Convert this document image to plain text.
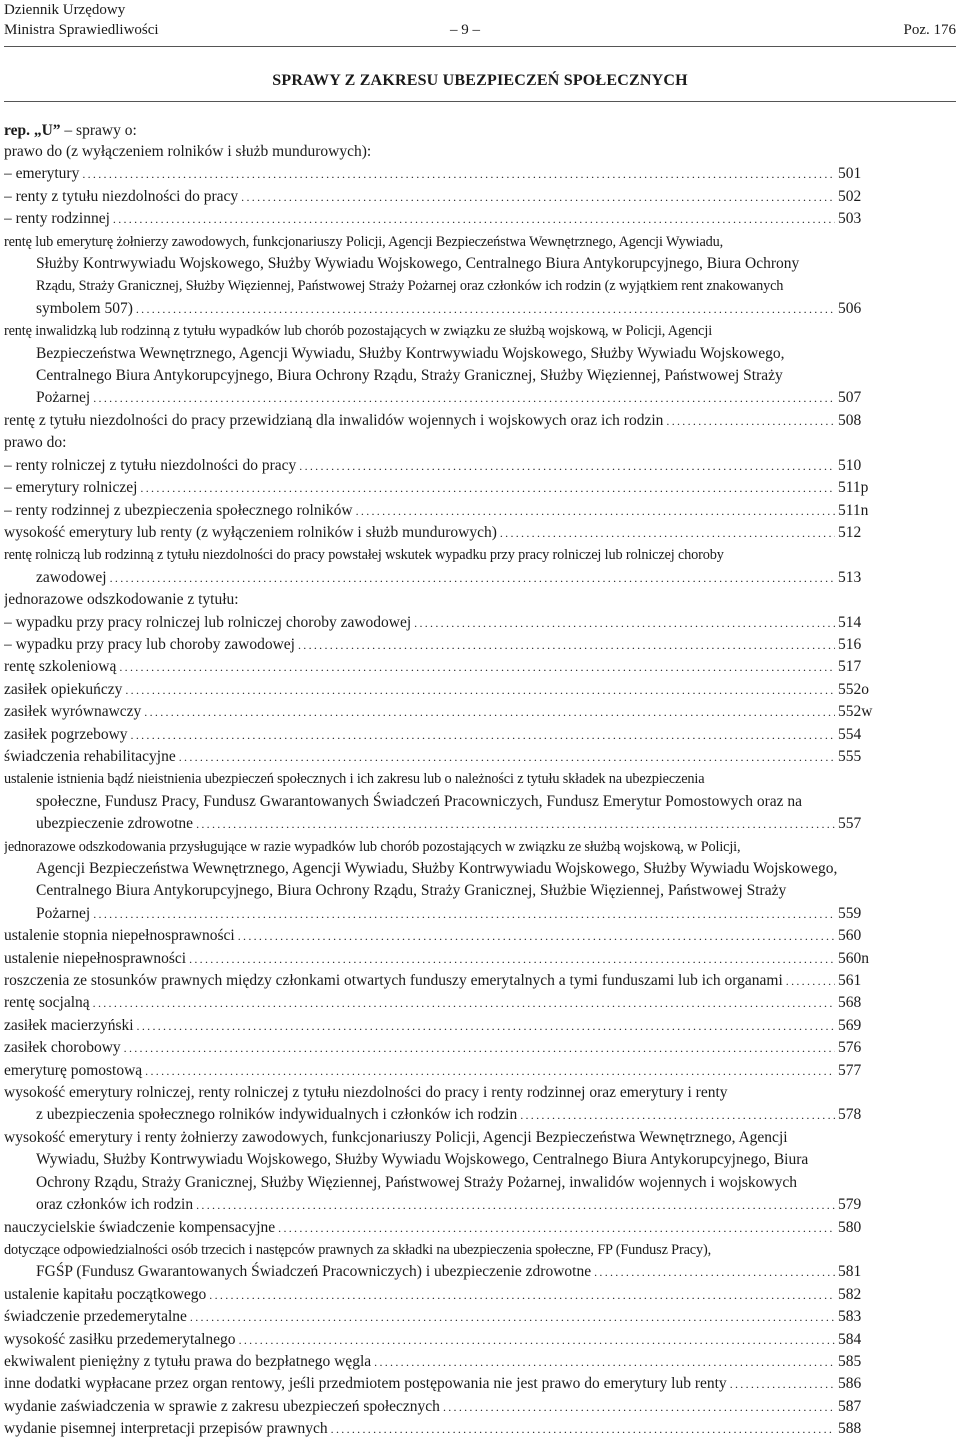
Dziennik Urzędowy
Ministra Sprawiedliwości	– 9 –	Poz. 176
SPRAWY Z ZAKRESU UBEZPIECZEŃ SPOŁECZNYCH

rep. „U” – sprawy o:

prawo do (z wyłączeniem rolników i służb mundurowych):
– emerytury .....	501
– renty z tytułu niezdolności do pracy .....	502
– renty rodzinnej .....	503
rentę lub emeryturę żołnierzy zawodowych, funkcjonariuszy Policji, Agencji Bezpieczeństwa Wewnętrznego, Agencji Wywiadu,
Służby Kontrwywiadu Wojskowego, Służby Wywiadu Wojskowego, Centralnego Biura Antykorupcyjnego, Biura Ochrony
Rządu, Straży Granicznej, Służby Więziennej, Państwowej Straży Pożarnej oraz członków ich rodzin (z wyjątkiem rent znakowanych
symbolem 507) .....	506
rentę inwalidzką lub rodzinną z tytułu wypadków lub chorób pozostających w związku ze służbą wojskową, w Policji, Agencji
Bezpieczeństwa Wewnętrznego, Agencji Wywiadu, Służby Kontrwywiadu Wojskowego, Służby Wywiadu Wojskowego,
Centralnego Biura Antykorupcyjnego, Biura Ochrony Rządu, Straży Granicznej, Służby Więziennej, Państwowej Straży
Pożarnej .....	507
rentę z tytułu niezdolności do pracy przewidzianą dla inwalidów wojennych i wojskowych oraz ich rodzin .....	508
prawo do:
– renty rolniczej z tytułu niezdolności do pracy .....	510
– emerytury rolniczej .....	511p
– renty rodzinnej z ubezpieczenia społecznego rolników .....	511n
wysokość emerytury lub renty (z wyłączeniem rolników i służb mundurowych) .....	512
rentę rolniczą lub rodzinną z tytułu niezdolności do pracy powstałej wskutek wypadku przy pracy rolniczej lub rolniczej choroby
zawodowej .....	513
jednorazowe odszkodowanie z tytułu:
– wypadku przy pracy rolniczej lub rolniczej choroby zawodowej .....	514
– wypadku przy pracy lub choroby zawodowej .....	516
rentę szkoleniową .....	517
zasiłek opiekuńczy .....	552o
zasiłek wyrównawczy .....	552w
zasiłek pogrzebowy .....	554
świadczenia rehabilitacyjne .....	555
ustalenie istnienia bądź nieistnienia ubezpieczeń społecznych i ich zakresu lub o należności z tytułu składek na ubezpieczenia
społeczne, Fundusz Pracy, Fundusz Gwarantowanych Świadczeń Pracowniczych, Fundusz Emerytur Pomostowych oraz na
ubezpieczenie zdrowotne .....	557
jednorazowe odszkodowania przysługujące w razie wypadków lub chorób pozostających w związku ze służbą wojskową, w Policji,
Agencji Bezpieczeństwa Wewnętrznego, Agencji Wywiadu, Służby Kontrwywiadu Wojskowego, Służby Wywiadu Wojskowego,
Centralnego Biura Antykorupcyjnego, Biura Ochrony Rządu, Straży Granicznej, Służbie Więziennej, Państwowej Straży
Pożarnej .....	559
ustalenie stopnia niepełnosprawności .....	560
ustalenie niepełnosprawności .....	560n
roszczenia ze stosunków prawnych między członkami otwartych funduszy emerytalnych a tymi funduszami lub ich organami .....	561
rentę socjalną .....	568
zasiłek macierzyński .....	569
zasiłek chorobowy .....	576
emeryturę pomostową .....	577
wysokość emerytury rolniczej, renty rolniczej z tytułu niezdolności do pracy i renty rodzinnej oraz emerytury i renty
z ubezpieczenia społecznego rolników indywidualnych i członków ich rodzin .....	578
wysokość emerytury i renty żołnierzy zawodowych, funkcjonariuszy Policji, Agencji Bezpieczeństwa Wewnętrznego, Agencji
Wywiadu, Służby Kontrwywiadu Wojskowego, Służby Wywiadu Wojskowego, Centralnego Biura Antykorupcyjnego, Biura
Ochrony Rządu, Straży Granicznej, Służby Więziennej, Państwowej Straży Pożarnej, inwalidów wojennych i wojskowych
oraz członków ich rodzin .....	579
nauczycielskie świadczenie kompensacyjne .....	580
dotyczące odpowiedzialności osób trzecich i następców prawnych za składki na ubezpieczenia społeczne, FP (Fundusz Pracy),
FGŚP (Fundusz Gwarantowanych Świadczeń Pracowniczych) i ubezpieczenie zdrowotne .....	581
ustalenie kapitału początkowego .....	582
świadczenie przedemerytalne .....	583
wysokość zasiłku przedemerytalnego .....	584
ekwiwalent pieniężny z tytułu prawa do bezpłatnego węgla .....	585
inne dodatki wypłacane przez organ rentowy, jeśli przedmiotem postępowania nie jest prawo do emerytury lub renty .....	586
wydanie zaświadczenia w sprawie z zakresu ubezpieczeń społecznych .....	587
wydanie pisemnej interpretacji przepisów prawnych .....	588
